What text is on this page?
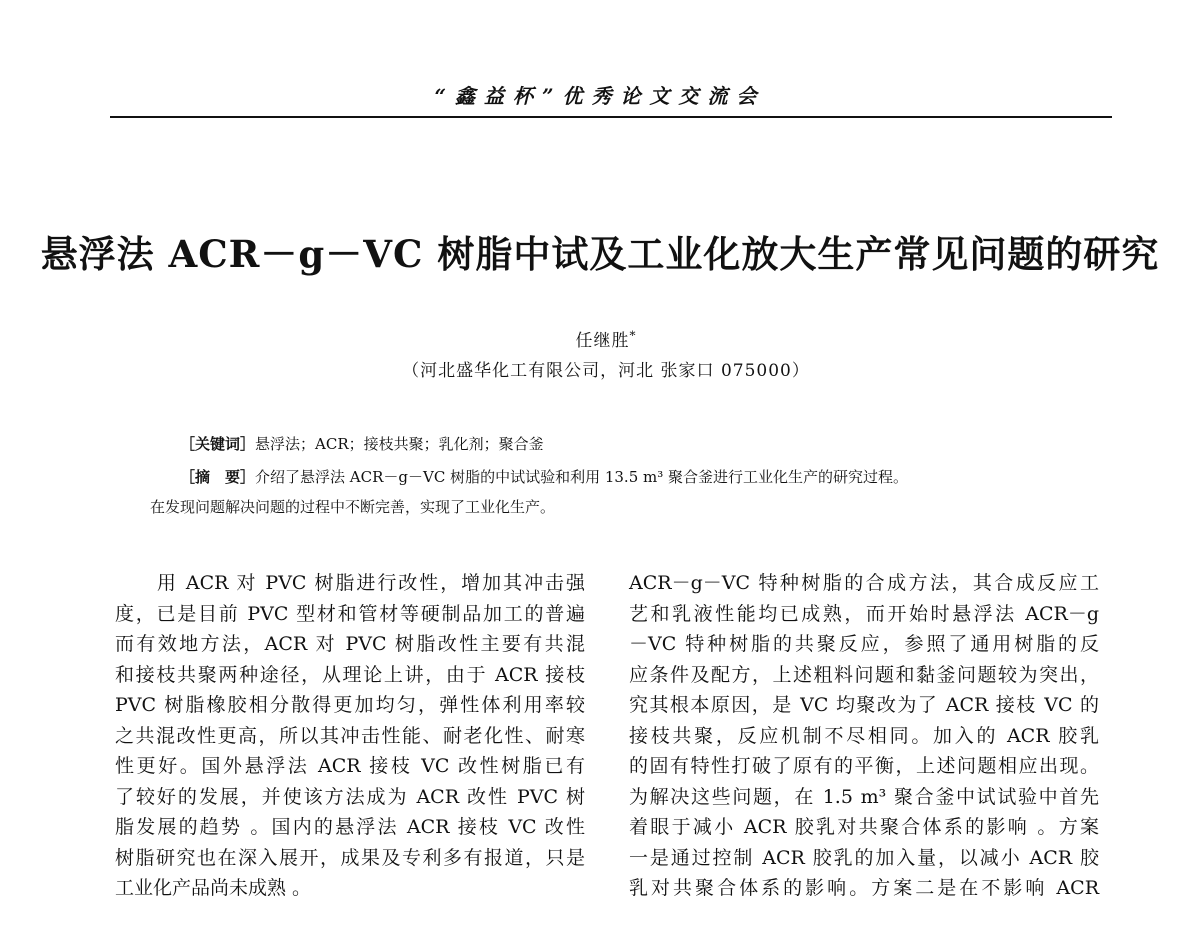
“鑫益杯”优秀论文交流会
悬浮法 ACR－g－VC 树脂中试及工业化放大生产常见问题的研究
任继胜*
（河北盛华化工有限公司，河北 张家口 075000）
［关键词］悬浮法；ACR；接枝共聚；乳化剂；聚合釜
［摘　要］介绍了悬浮法 ACR－g－VC 树脂的中试试验和利用 13.5 m³ 聚合釜进行工业化生产的研究过程。
在发现问题解决问题的过程中不断完善，实现了工业化生产。
　　用 ACR 对 PVC 树脂进行改性，增加其冲击强
度，已是目前 PVC 型材和管材等硬制品加工的普遍
而有效地方法，ACR 对 PVC 树脂改性主要有共混
和接枝共聚两种途径，从理论上讲，由于 ACR 接枝
PVC 树脂橡胶相分散得更加均匀，弹性体利用率较
之共混改性更高，所以其冲击性能、耐老化性、耐寒
性更好。国外悬浮法 ACR 接枝 VC 改性树脂已有
了较好的发展，并使该方法成为 ACR 改性 PVC 树
脂发展的趋势 。国内的悬浮法 ACR 接枝 VC 改性
树脂研究也在深入展开，成果及专利多有报道，只是
工业化产品尚未成熟 。
ACR－g－VC 特种树脂的合成方法，其合成反应工
艺和乳液性能均已成熟，而开始时悬浮法 ACR－g
－VC 特种树脂的共聚反应，参照了通用树脂的反
应条件及配方，上述粗料问题和黏釜问题较为突出，
究其根本原因，是 VC 均聚改为了 ACR 接枝 VC 的
接枝共聚，反应机制不尽相同。加入的 ACR 胶乳
的固有特性打破了原有的平衡，上述问题相应出现。
为解决这些问题，在 1.5 m³ 聚合釜中试试验中首先
着眼于减小 ACR 胶乳对共聚合体系的影响 。方案
一是通过控制 ACR 胶乳的加入量，以减小 ACR 胶
乳对共聚合体系的影响。方案二是在不影响 ACR
